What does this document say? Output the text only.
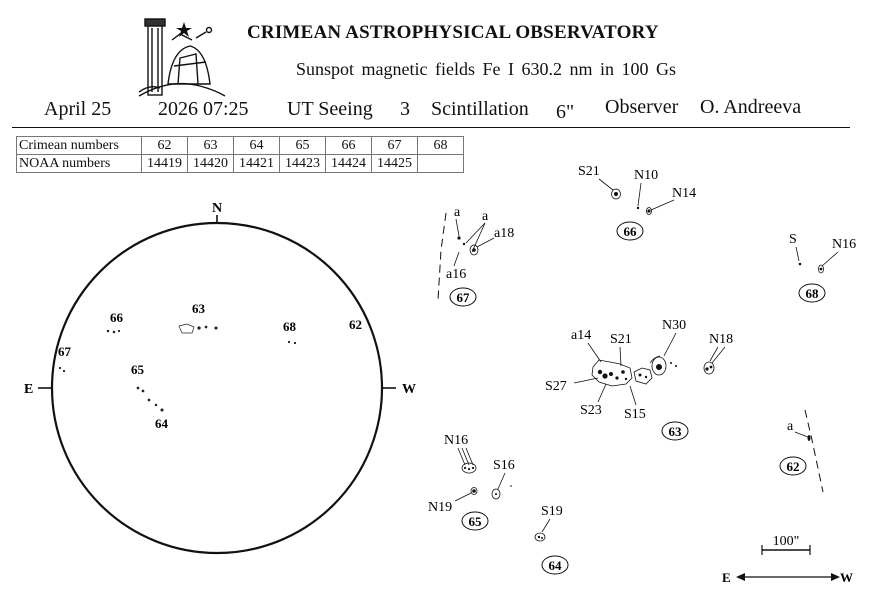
CRIMEAN ASTROPHYSICAL OBSERVATORY
Sunspot magnetic fields Fe I 630.2 nm in 100 Gs
April 25 2026 07:25 UT Seeing 3 Scintillation 6" Observer O. Andreeva
Crimean numbers	62	63	64	65	66	67	68
NOAA numbers	14419	14420	14421	14423	14424	14425	
N
E	W
66
63
68	62
67
65
64
S21 N10
N14
66
a a
a18
a16
67
S	N16
68
a14 S21
N30
N18
S27
S23 S15
63	a
62
N16
S16
N19
65
S19
64
100"
E	W
